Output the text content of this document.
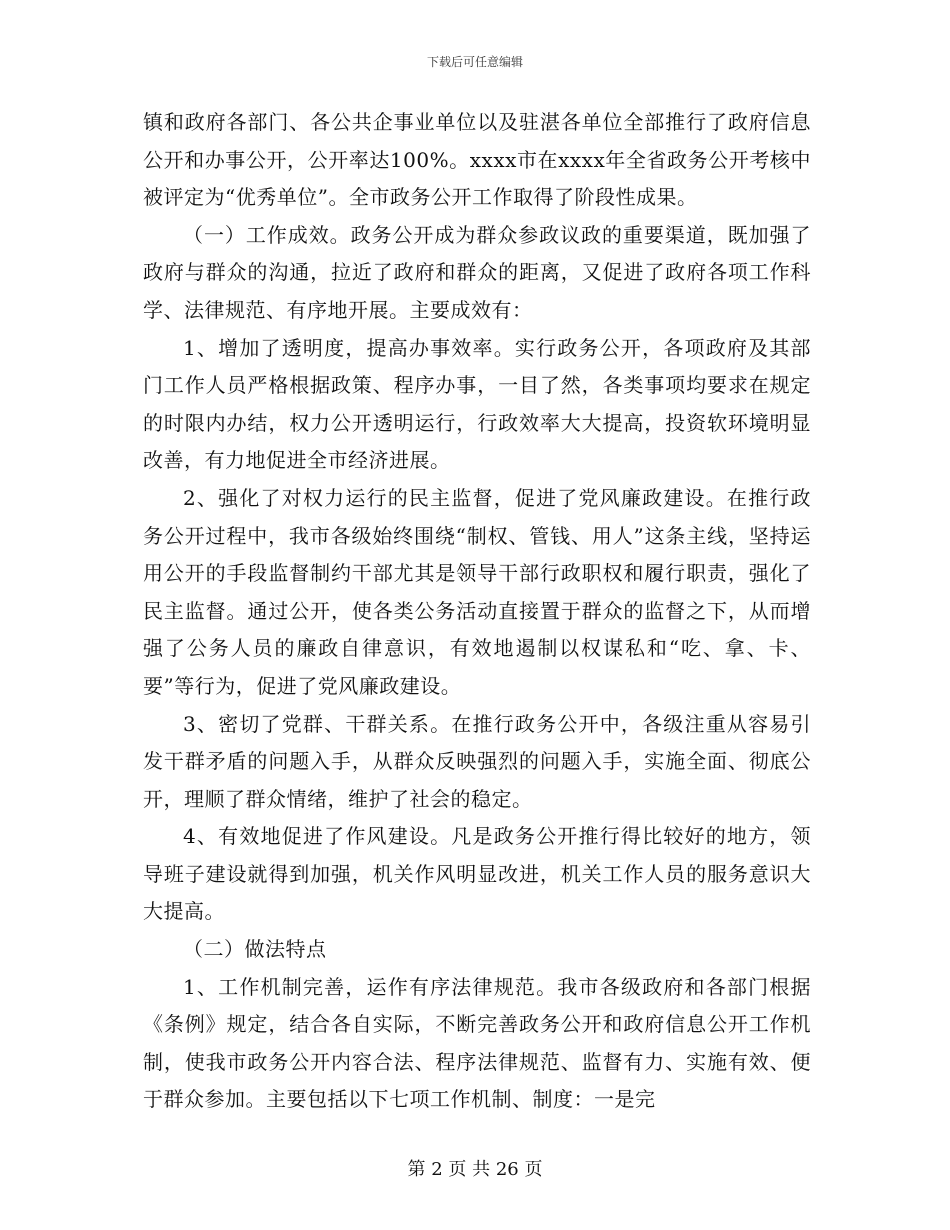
下载后可任意编辑

镇和政府各部门、各公共企事业单位以及驻湛各单位全部推行了政府信息公开和办事公开，公开率达100%。xxxx市在xxxx年全省政务公开考核中被评定为“优秀单位”。全市政务公开工作取得了阶段性成果。

（一）工作成效。政务公开成为群众参政议政的重要渠道，既加强了政府与群众的沟通，拉近了政府和群众的距离，又促进了政府各项工作科学、法律规范、有序地开展。主要成效有：

1、增加了透明度，提高办事效率。实行政务公开，各项政府及其部门工作人员严格根据政策、程序办事，一目了然，各类事项均要求在规定的时限内办结，权力公开透明运行，行政效率大大提高，投资软环境明显改善，有力地促进全市经济进展。

2、强化了对权力运行的民主监督，促进了党风廉政建设。在推行政务公开过程中，我市各级始终围绕“制权、管钱、用人”这条主线，坚持运用公开的手段监督制约干部尤其是领导干部行政职权和履行职责，强化了民主监督。通过公开，使各类公务活动直接置于群众的监督之下，从而增强了公务人员的廉政自律意识，有效地遏制以权谋私和“吃、拿、卡、要”等行为，促进了党风廉政建设。

3、密切了党群、干群关系。在推行政务公开中，各级注重从容易引发干群矛盾的问题入手，从群众反映强烈的问题入手，实施全面、彻底公开，理顺了群众情绪，维护了社会的稳定。

4、有效地促进了作风建设。凡是政务公开推行得比较好的地方，领导班子建设就得到加强，机关作风明显改进，机关工作人员的服务意识大大提高。

（二）做法特点

1、工作机制完善，运作有序法律规范。我市各级政府和各部门根据《条例》规定，结合各自实际，不断完善政务公开和政府信息公开工作机制，使我市政务公开内容合法、程序法律规范、监督有力、实施有效、便于群众参加。主要包括以下七项工作机制、制度：一是完

第 2 页 共 26 页
